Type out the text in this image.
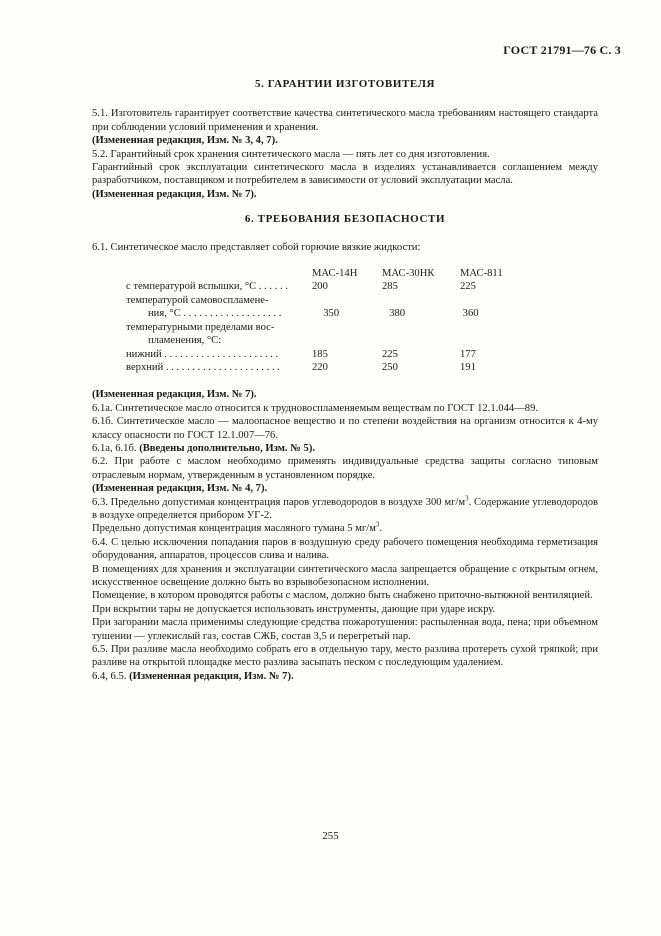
ГОСТ 21791—76 С. 3
5. ГАРАНТИИ ИЗГОТОВИТЕЛЯ

5.1. Изготовитель гарантирует соответствие качества синтетического масла требованиям настоящего стандарта при соблюдении условий применения и хранения.

(Измененная редакция, Изм. № 3, 4, 7).

5.2. Гарантийный срок хранения синтетического масла — пять лет со дня изготовления.

Гарантийный срок эксплуатации синтетического масла в изделиях устанавливается соглашением между разработчиком, поставщиком и потребителем в зависимости от условий эксплуатации масла.

(Измененная редакция, Изм. № 7).

6. ТРЕБОВАНИЯ БЕЗОПАСНОСТИ

6.1. Синтетическое масло представляет собой горючие вязкие жидкости:

МАС-14Н	МАС-30НК	МАС-811
с температурой вспышки, °С . . . . . .	200	285	225
температурой самовоспламене-
ния, °С . . . . . . . . . . . . . . . . . . .	350	380	360
температурными пределами вос-
пламенения, °С:
нижний . . . . . . . . . . . . . . . . . . . . . .	185	225	177
верхний . . . . . . . . . . . . . . . . . . . . . .	220	250	191

(Измененная редакция, Изм. № 7).

6.1а. Синтетическое масло относится к трудновоспламеняемым веществам по ГОСТ 12.1.044—89.

6.1б. Синтетическое масло — малоопасное вещество и по степени воздействия на организм относится к 4-му классу опасности по ГОСТ 12.1.007—76.

6.1а, 6.1б. (Введены дополнительно, Изм. № 5).

6.2. При работе с маслом необходимо применять индивидуальные средства защиты согласно типовым отраслевым нормам, утвержденным в установленном порядке.

(Измененная редакция, Изм. № 4, 7).

6.3. Предельно допустимая концентрация паров углеводородов в воздухе 300 $мг/м^3$. Содержание углеводородов в воздухе определяется прибором УГ-2.

Предельно допустимая концентрация масляного тумана 5 $мг/м^3$.

6.4. С целью исключения попадания паров в воздушную среду рабочего помещения необходима герметизация оборудования, аппаратов, процессов слива и налива.

В помещениях для хранения и эксплуатации синтетического масла запрещается обращение с открытым огнем, искусственное освещение должно быть во взрывобезопасном исполнении.

Помещение, в котором проводятся работы с маслом, должно быть снабжено приточно-вытяжной вентиляцией.

При вскрытии тары не допускается использовать инструменты, дающие при ударе искру.

При загорании масла применимы следующие средства пожаротушения: распыленная вода, пена; при объемном тушении — углекислый газ, состав СЖБ, состав 3,5 и перегретый пар.

6.5. При разливе масла необходимо собрать его в отдельную тару, место разлива протереть сухой тряпкой; при разливе на открытой площадке место разлива засыпать песком с последующим удалением.

6.4, 6.5. (Измененная редакция, Изм. № 7).

255
